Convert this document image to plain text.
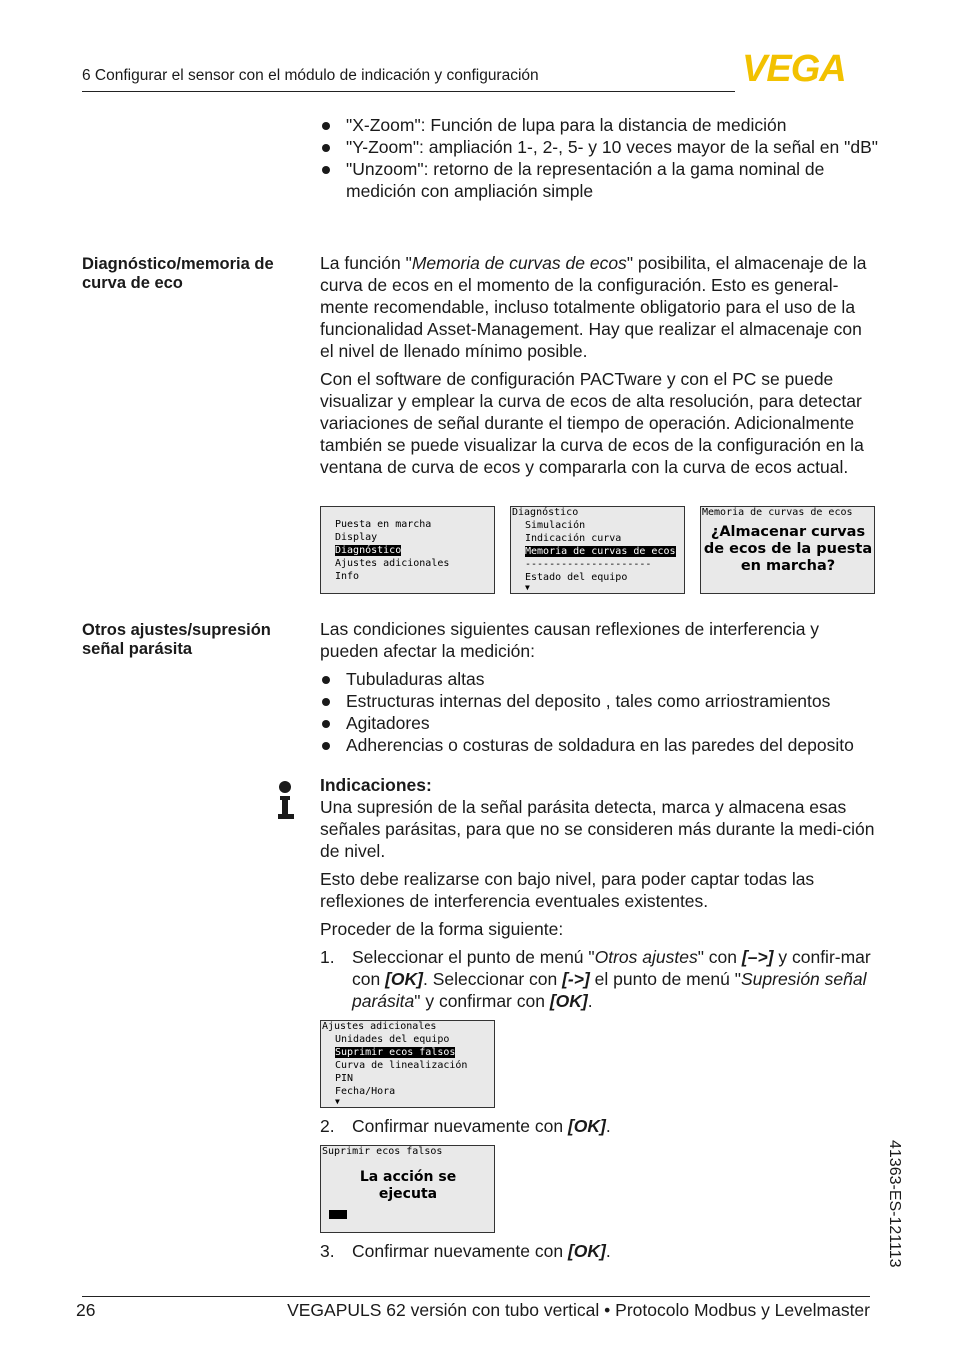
6 Configurar el sensor con el módulo de indicación y configuración	VEGA
"X-Zoom": Función de lupa para la distancia de medición
"Y-Zoom": ampliación 1-, 2-, 5- y 10 veces mayor de la señal en "dB"
"Unzoom": retorno de la representación a la gama nominal de medición con ampliación simple
Diagnóstico/memoria de curva de eco

La función "Memoria de curvas de ecos" posibilita, el almacenaje de la curva de ecos en el momento de la configuración. Esto es general-mente recomendable, incluso totalmente obligatorio para el uso de la funcionalidad Asset-Management. Hay que realizar el almacenaje con el nivel de llenado mínimo posible.

Con el software de configuración PACTware y con el PC se puede visualizar y emplear la curva de ecos de alta resolución, para detectar variaciones de señal durante el tiempo de operación. Adicionalmente también se puede visualizar la curva de ecos de la configuración en la ventana de curva de ecos y compararla con la curva de ecos actual.

Puesta en marcha
Display
Diagnóstico
Ajustes adicionales
Info
Diagnóstico
Simulación
Indicación curva
Memoria de curvas de ecos
---------------------
Estado del equipo
▼
Memoria de curvas de ecos
¿Almacenar curvas de ecos de la puesta en marcha?
Otros ajustes/supresión señal parásita

Las condiciones siguientes causan reflexiones de interferencia y pueden afectar la medición:

Tubuladuras altas
Estructuras internas del deposito , tales como arriostramientos
Agitadores
Adherencias o costuras de soldadura en las paredes del deposito

Indicaciones:

Una supresión de la señal parásita detecta, marca y almacena esas señales parásitas, para que no se consideren más durante la medi-ción de nivel.

Esto debe realizarse con bajo nivel, para poder captar todas las reflexiones de interferencia eventuales existentes.

Proceder de la forma siguiente:

1. Seleccionar el punto de menú "Otros ajustes" con [–>] y confir-mar con [OK]. Seleccionar con [->] el punto de menú "Supresión señal parásita" y confirmar con [OK].
Ajustes adicionales
Unidades del equipo
Suprimir ecos falsos
Curva de linealización
PIN
Fecha/Hora
▼
2. Confirmar nuevamente con [OK].
Suprimir ecos falsos
La acción se ejecuta
3. Confirmar nuevamente con [OK].	41363-ES-121113
26	VEGAPULS 62 versión con tubo vertical • Protocolo Modbus y Levelmaster
